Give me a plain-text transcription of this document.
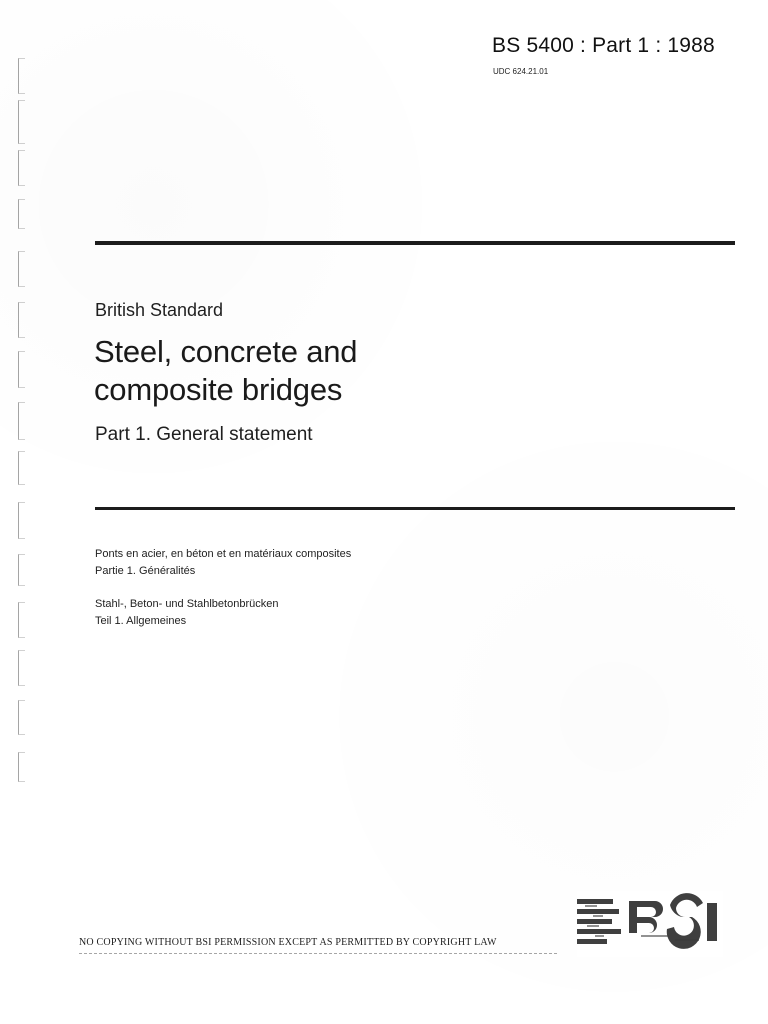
BS 5400 : Part 1 : 1988
UDC 624.21.01
British Standard
Steel, concrete and
composite bridges
Part 1. General statement
Ponts en acier, en béton et en matériaux composites
Partie 1. Généralités
Stahl-, Beton- und Stahlbetonbrücken
Teil 1. Allgemeines
NO COPYING WITHOUT BSI PERMISSION EXCEPT AS PERMITTED BY COPYRIGHT LAW
